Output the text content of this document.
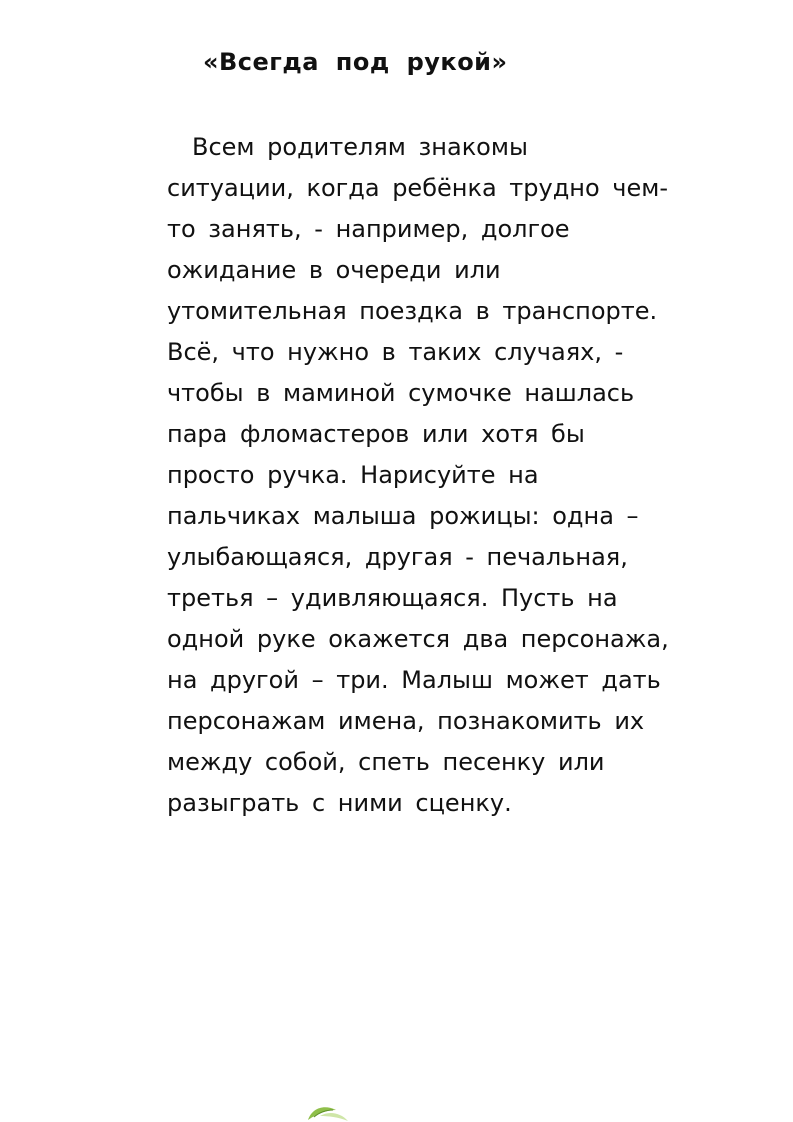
«Всегда под рукой»
Всем родителям знакомы
ситуации, когда ребёнка трудно чем-
то занять, - например, долгое
ожидание в очереди или
утомительная поездка в транспорте.
Всё, что нужно в таких случаях, -
чтобы в маминой сумочке нашлась
пара фломастеров или хотя бы
просто ручка. Нарисуйте на
пальчиках малыша рожицы: одна –
улыбающаяся, другая - печальная,
третья – удивляющаяся. Пусть на
одной руке окажется два персонажа,
на другой – три. Малыш может дать
персонажам имена, познакомить их
между собой, спеть песенку или
разыграть с ними сценку.
